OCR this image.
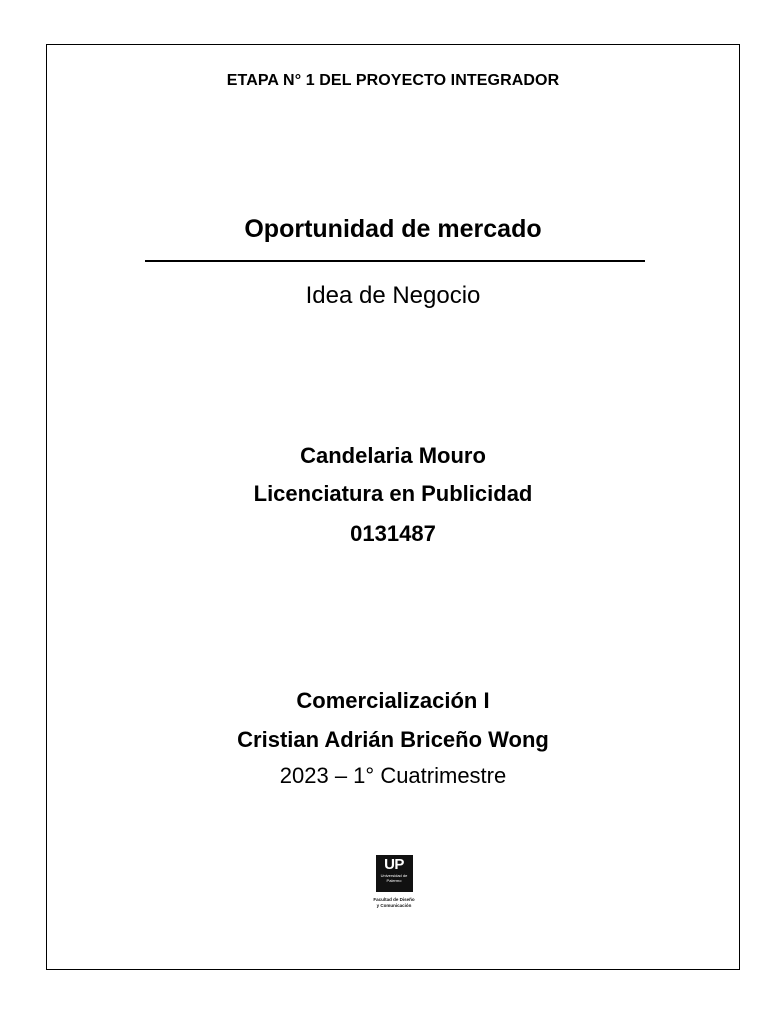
ETAPA N° 1 DEL PROYECTO INTEGRADOR
Oportunidad de mercado
Idea de Negocio
Candelaria Mouro
Licenciatura en Publicidad
0131487
Comercialización I
Cristian Adrián Briceño Wong
2023 – 1° Cuatrimestre
UP
Universidad de Palermo
Facultad de Diseño
y Comunicación
